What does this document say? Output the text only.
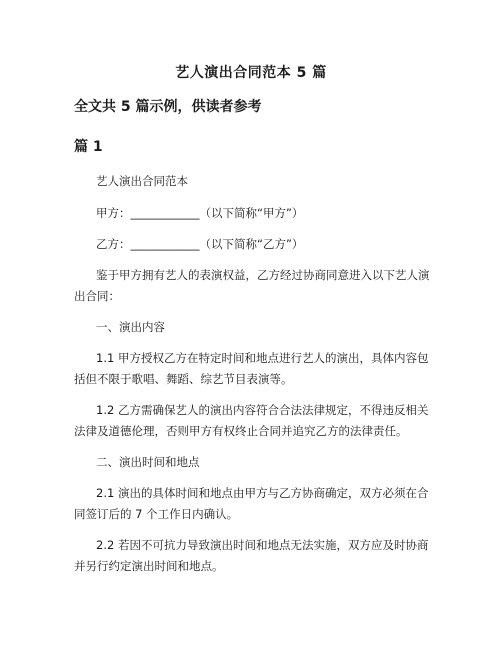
艺人演出合同范本 5 篇
全文共 5 篇示例，供读者参考
篇 1

艺人演出合同范本

甲方：____________（以下简称“甲方”）

乙方：____________（以下简称“乙方”）

鉴于甲方拥有艺人的表演权益，乙方经过协商同意进入以下艺人演出合同：

一、演出内容

1.1 甲方授权乙方在特定时间和地点进行艺人的演出，具体内容包括但不限于歌唱、舞蹈、综艺节目表演等。

1.2 乙方需确保艺人的演出内容符合合法法律规定，不得违反相关法律及道德伦理，否则甲方有权终止合同并追究乙方的法律责任。

二、演出时间和地点

2.1 演出的具体时间和地点由甲方与乙方协商确定，双方必须在合同签订后的 7 个工作日内确认。

2.2 若因不可抗力导致演出时间和地点无法实施，双方应及时协商并另行约定演出时间和地点。
